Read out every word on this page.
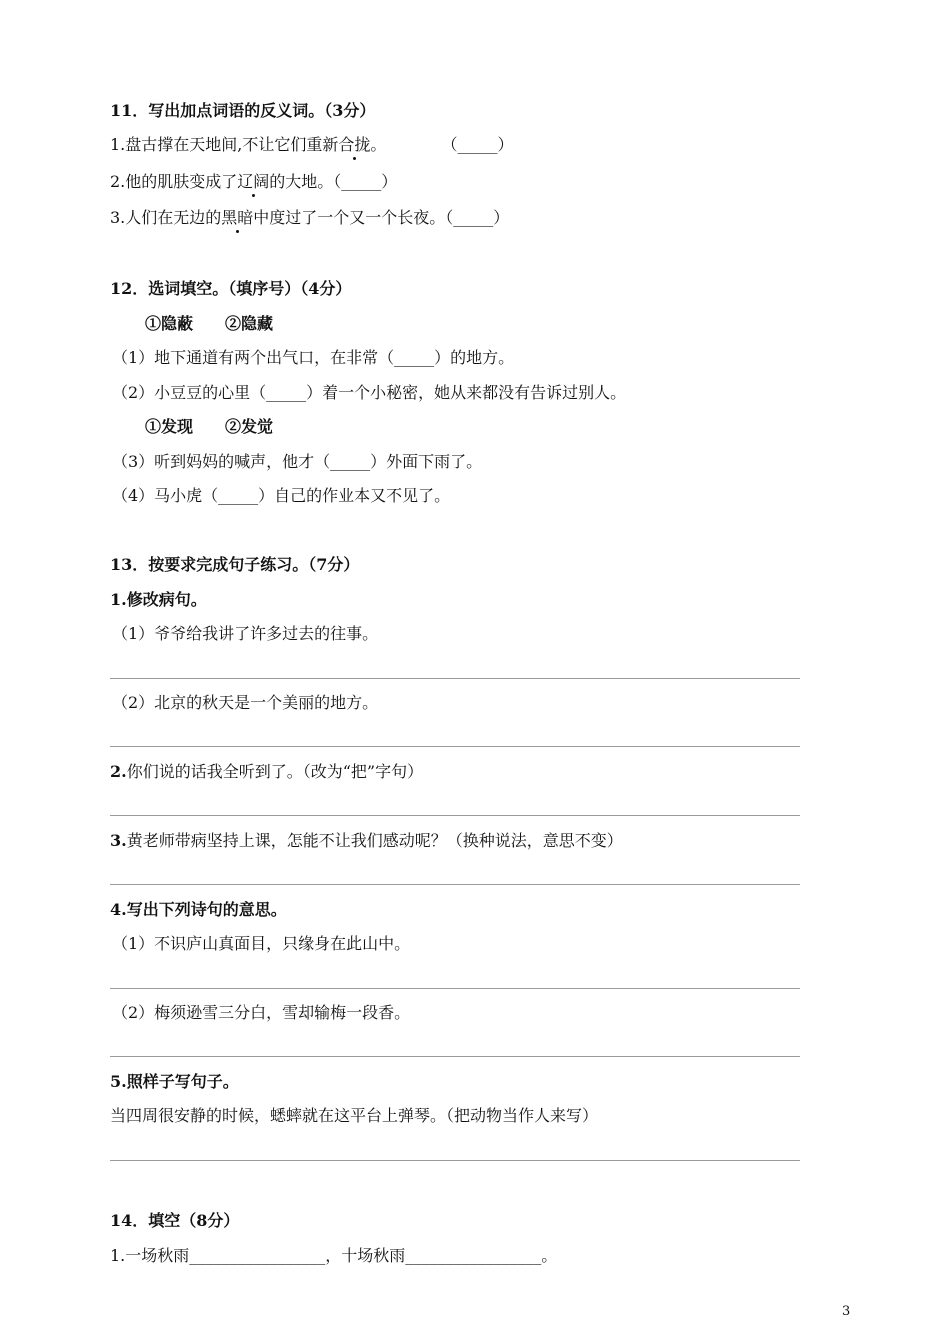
11．写出加点词语的反义词。（3分）
1.盘古撑在天地间,不让它们重新合拢。	（_____）
2.他的肌肤变成了辽阔的大地。（_____）
3.人们在无边的黑暗中度过了一个又一个长夜。（_____）
12．选词填空。（填序号）（4分）
①隐蔽　　②隐藏
（1）地下通道有两个出气口，在非常（_____）的地方。
（2）小豆豆的心里（_____）着一个小秘密，她从来都没有告诉过别人。
①发现　　②发觉
（3）听到妈妈的喊声，他才（_____）外面下雨了。
（4）马小虎（_____）自己的作业本又不见了。
13．按要求完成句子练习。（7分）
1.修改病句。
（1）爷爷给我讲了许多过去的往事。
（2）北京的秋天是一个美丽的地方。
2.你们说的话我全听到了。（改为“把”字句）
3.黄老师带病坚持上课，怎能不让我们感动呢？（换种说法，意思不变）
4.写出下列诗句的意思。
（1）不识庐山真面目，只缘身在此山中。
（2）梅须逊雪三分白，雪却输梅一段香。
5.照样子写句子。
当四周很安静的时候，蟋蟀就在这平台上弹琴。（把动物当作人来写）
14．填空（8分）
1.一场秋雨_________________，十场秋雨_________________。
3
